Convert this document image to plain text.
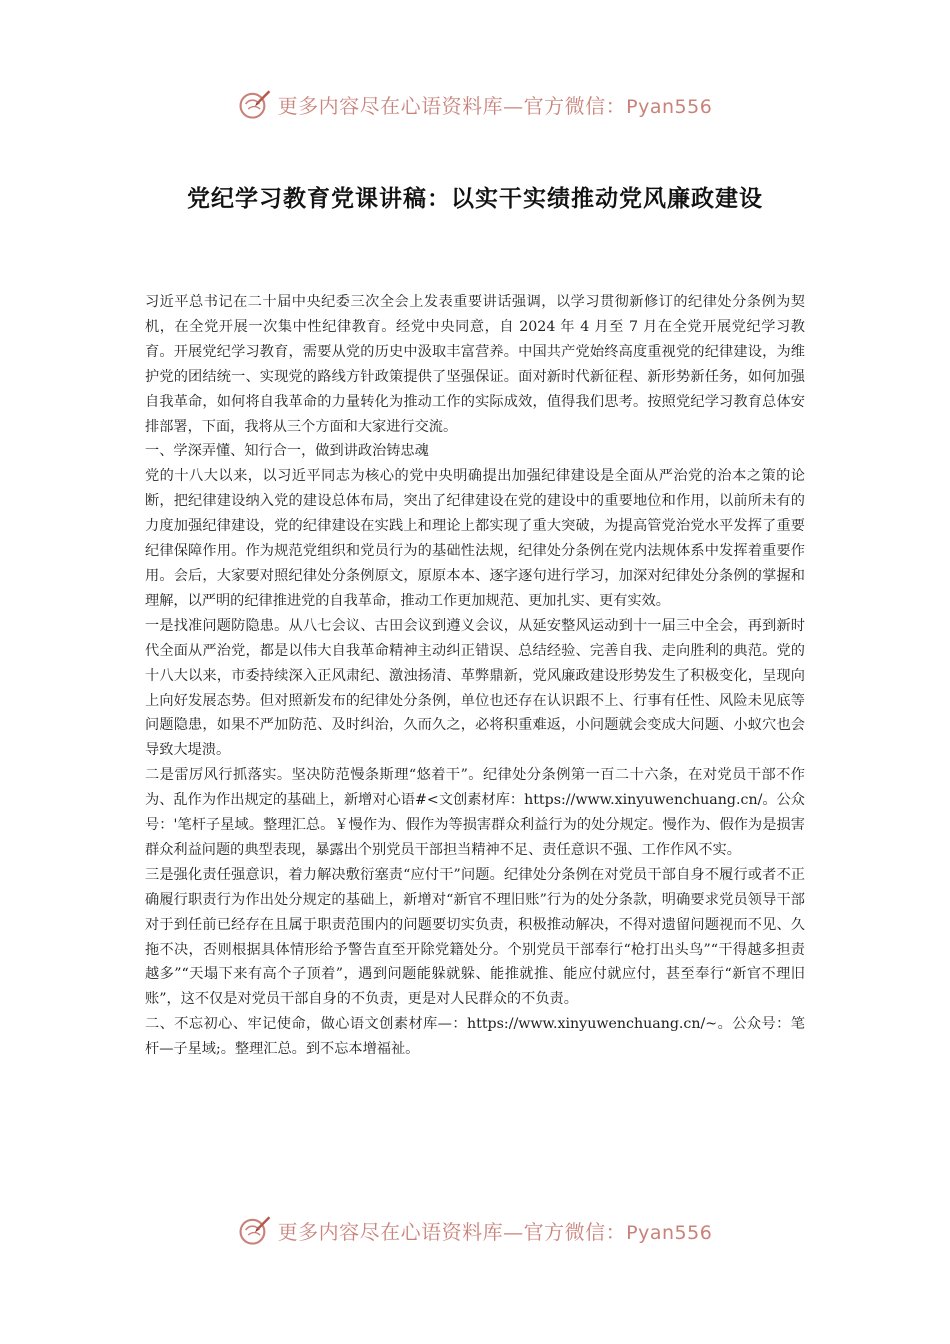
更多内容尽在心语资料库—官方微信：Pyan556
党纪学习教育党课讲稿：以实干实绩推动党风廉政建设

习近平总书记在二十届中央纪委三次全会上发表重要讲话强调，以学习贯彻新修订的纪律处分条例为契机，在全党开展一次集中性纪律教育。经党中央同意，自 2024 年 4 月至 7 月在全党开展党纪学习教育。开展党纪学习教育，需要从党的历史中汲取丰富营养。中国共产党始终高度重视党的纪律建设，为维护党的团结统一、实现党的路线方针政策提供了坚强保证。面对新时代新征程、新形势新任务，如何加强自我革命，如何将自我革命的力量转化为推动工作的实际成效，值得我们思考。按照党纪学习教育总体安排部署，下面，我将从三个方面和大家进行交流。

一、学深弄懂、知行合一，做到讲政治铸忠魂

党的十八大以来，以习近平同志为核心的党中央明确提出加强纪律建设是全面从严治党的治本之策的论断，把纪律建设纳入党的建设总体布局，突出了纪律建设在党的建设中的重要地位和作用，以前所未有的力度加强纪律建设，党的纪律建设在实践上和理论上都实现了重大突破，为提高管党治党水平发挥了重要纪律保障作用。作为规范党组织和党员行为的基础性法规，纪律处分条例在党内法规体系中发挥着重要作用。会后，大家要对照纪律处分条例原文，原原本本、逐字逐句进行学习，加深对纪律处分条例的掌握和理解，以严明的纪律推进党的自我革命，推动工作更加规范、更加扎实、更有实效。

一是找准问题防隐患。从八七会议、古田会议到遵义会议，从延安整风运动到十一届三中全会，再到新时代全面从严治党，都是以伟大自我革命精神主动纠正错误、总结经验、完善自我、走向胜利的典范。党的十八大以来，市委持续深入正风肃纪、激浊扬清、革弊鼎新，党风廉政建设形势发生了积极变化，呈现向上向好发展态势。但对照新发布的纪律处分条例，单位也还存在认识跟不上、行事有任性、风险未见底等问题隐患，如果不严加防范、及时纠治，久而久之，必将积重难返，小问题就会变成大问题、小蚁穴也会导致大堤溃。

二是雷厉风行抓落实。坚决防范慢条斯理“悠着干”。纪律处分条例第一百二十六条，在对党员干部不作为、乱作为作出规定的基础上，新增对心语#<文创素材库：https://www.xinyuwenchuang.cn/。公众号：'笔杆子星域。整理汇总。￥慢作为、假作为等损害群众利益行为的处分规定。慢作为、假作为是损害群众利益问题的典型表现，暴露出个别党员干部担当精神不足、责任意识不强、工作作风不实。

三是强化责任强意识，着力解决敷衍塞责“应付干”问题。纪律处分条例在对党员干部自身不履行或者不正确履行职责行为作出处分规定的基础上，新增对“新官不理旧账”行为的处分条款，明确要求党员领导干部对于到任前已经存在且属于职责范围内的问题要切实负责，积极推动解决，不得对遗留问题视而不见、久拖不决，否则根据具体情形给予警告直至开除党籍处分。个别党员干部奉行“枪打出头鸟”“干得越多担责越多”“天塌下来有高个子顶着”，遇到问题能躲就躲、能推就推、能应付就应付，甚至奉行“新官不理旧账”，这不仅是对党员干部自身的不负责，更是对人民群众的不负责。

二、不忘初心、牢记使命，做心语文创素材库—：https://www.xinyuwenchuang.cn/~。公众号：笔杆—子星域;。整理汇总。到不忘本增福祉。

更多内容尽在心语资料库—官方微信：Pyan556
